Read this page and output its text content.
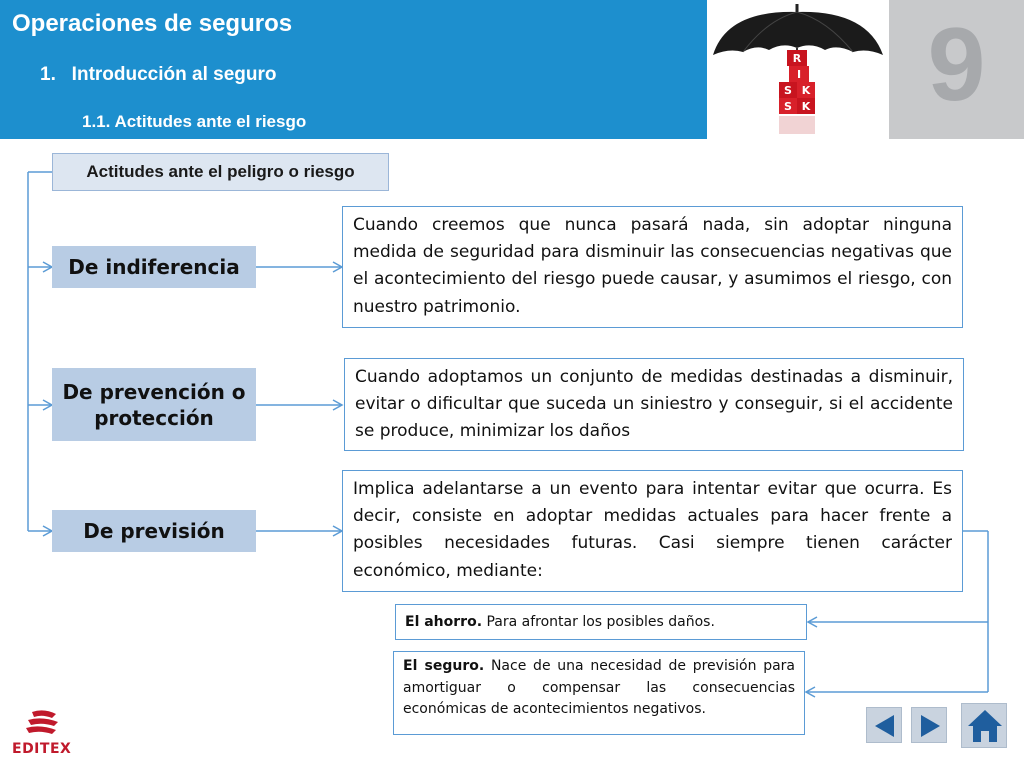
Operaciones de seguros
1.   Introducción al seguro
1.1. Actitudes ante el riesgo
R
I
S K
S K	9
Actitudes ante el peligro o riesgo
De indiferencia
De prevención o protección
De previsión
Cuando creemos que nunca pasará nada, sin adoptar ninguna medida de seguridad para disminuir las consecuencias negativas que el acontecimiento del riesgo puede causar, y asumimos el riesgo, con nuestro patrimonio.
Cuando adoptamos un conjunto de medidas destinadas a disminuir, evitar o dificultar que suceda un siniestro y conseguir, si el accidente se produce, minimizar los daños
Implica adelantarse a un evento para intentar evitar que ocurra. Es decir, consiste en adoptar medidas actuales para hacer frente a posibles necesidades futuras. Casi siempre tienen carácter económico, mediante:
El ahorro. Para afrontar los posibles daños.
El seguro. Nace de una necesidad de previsión para amortiguar o compensar las consecuencias económicas de acontecimientos negativos.
EDITEX
